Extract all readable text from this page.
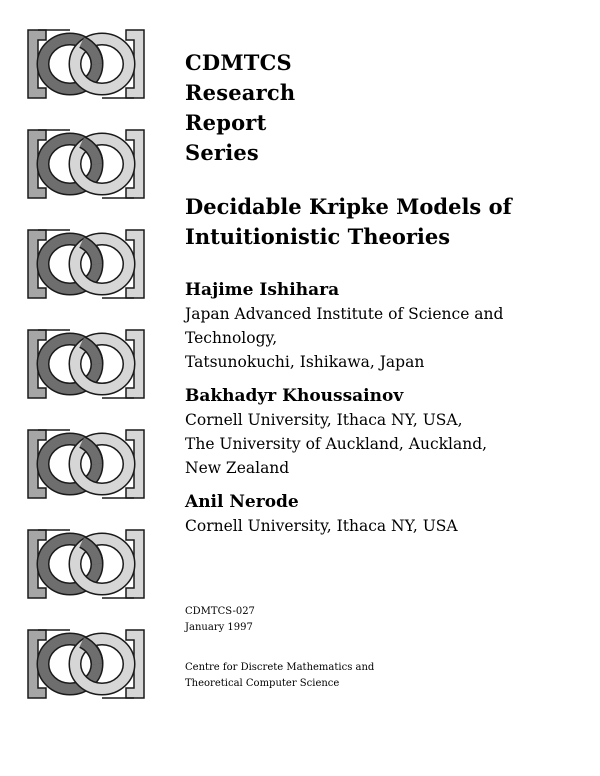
CDMTCS
Research
Report
Series
Decidable Kripke Models of
Intuitionistic Theories
Hajime Ishihara
Japan Advanced Institute of Science and
Technology,
Tatsunokuchi, Ishikawa, Japan
Bakhadyr Khoussainov
Cornell University, Ithaca NY, USA,
The University of Auckland, Auckland,
New Zealand
Anil Nerode
Cornell University, Ithaca NY, USA
CDMTCS-027
January 1997
Centre for Discrete Mathematics and
Theoretical Computer Science
